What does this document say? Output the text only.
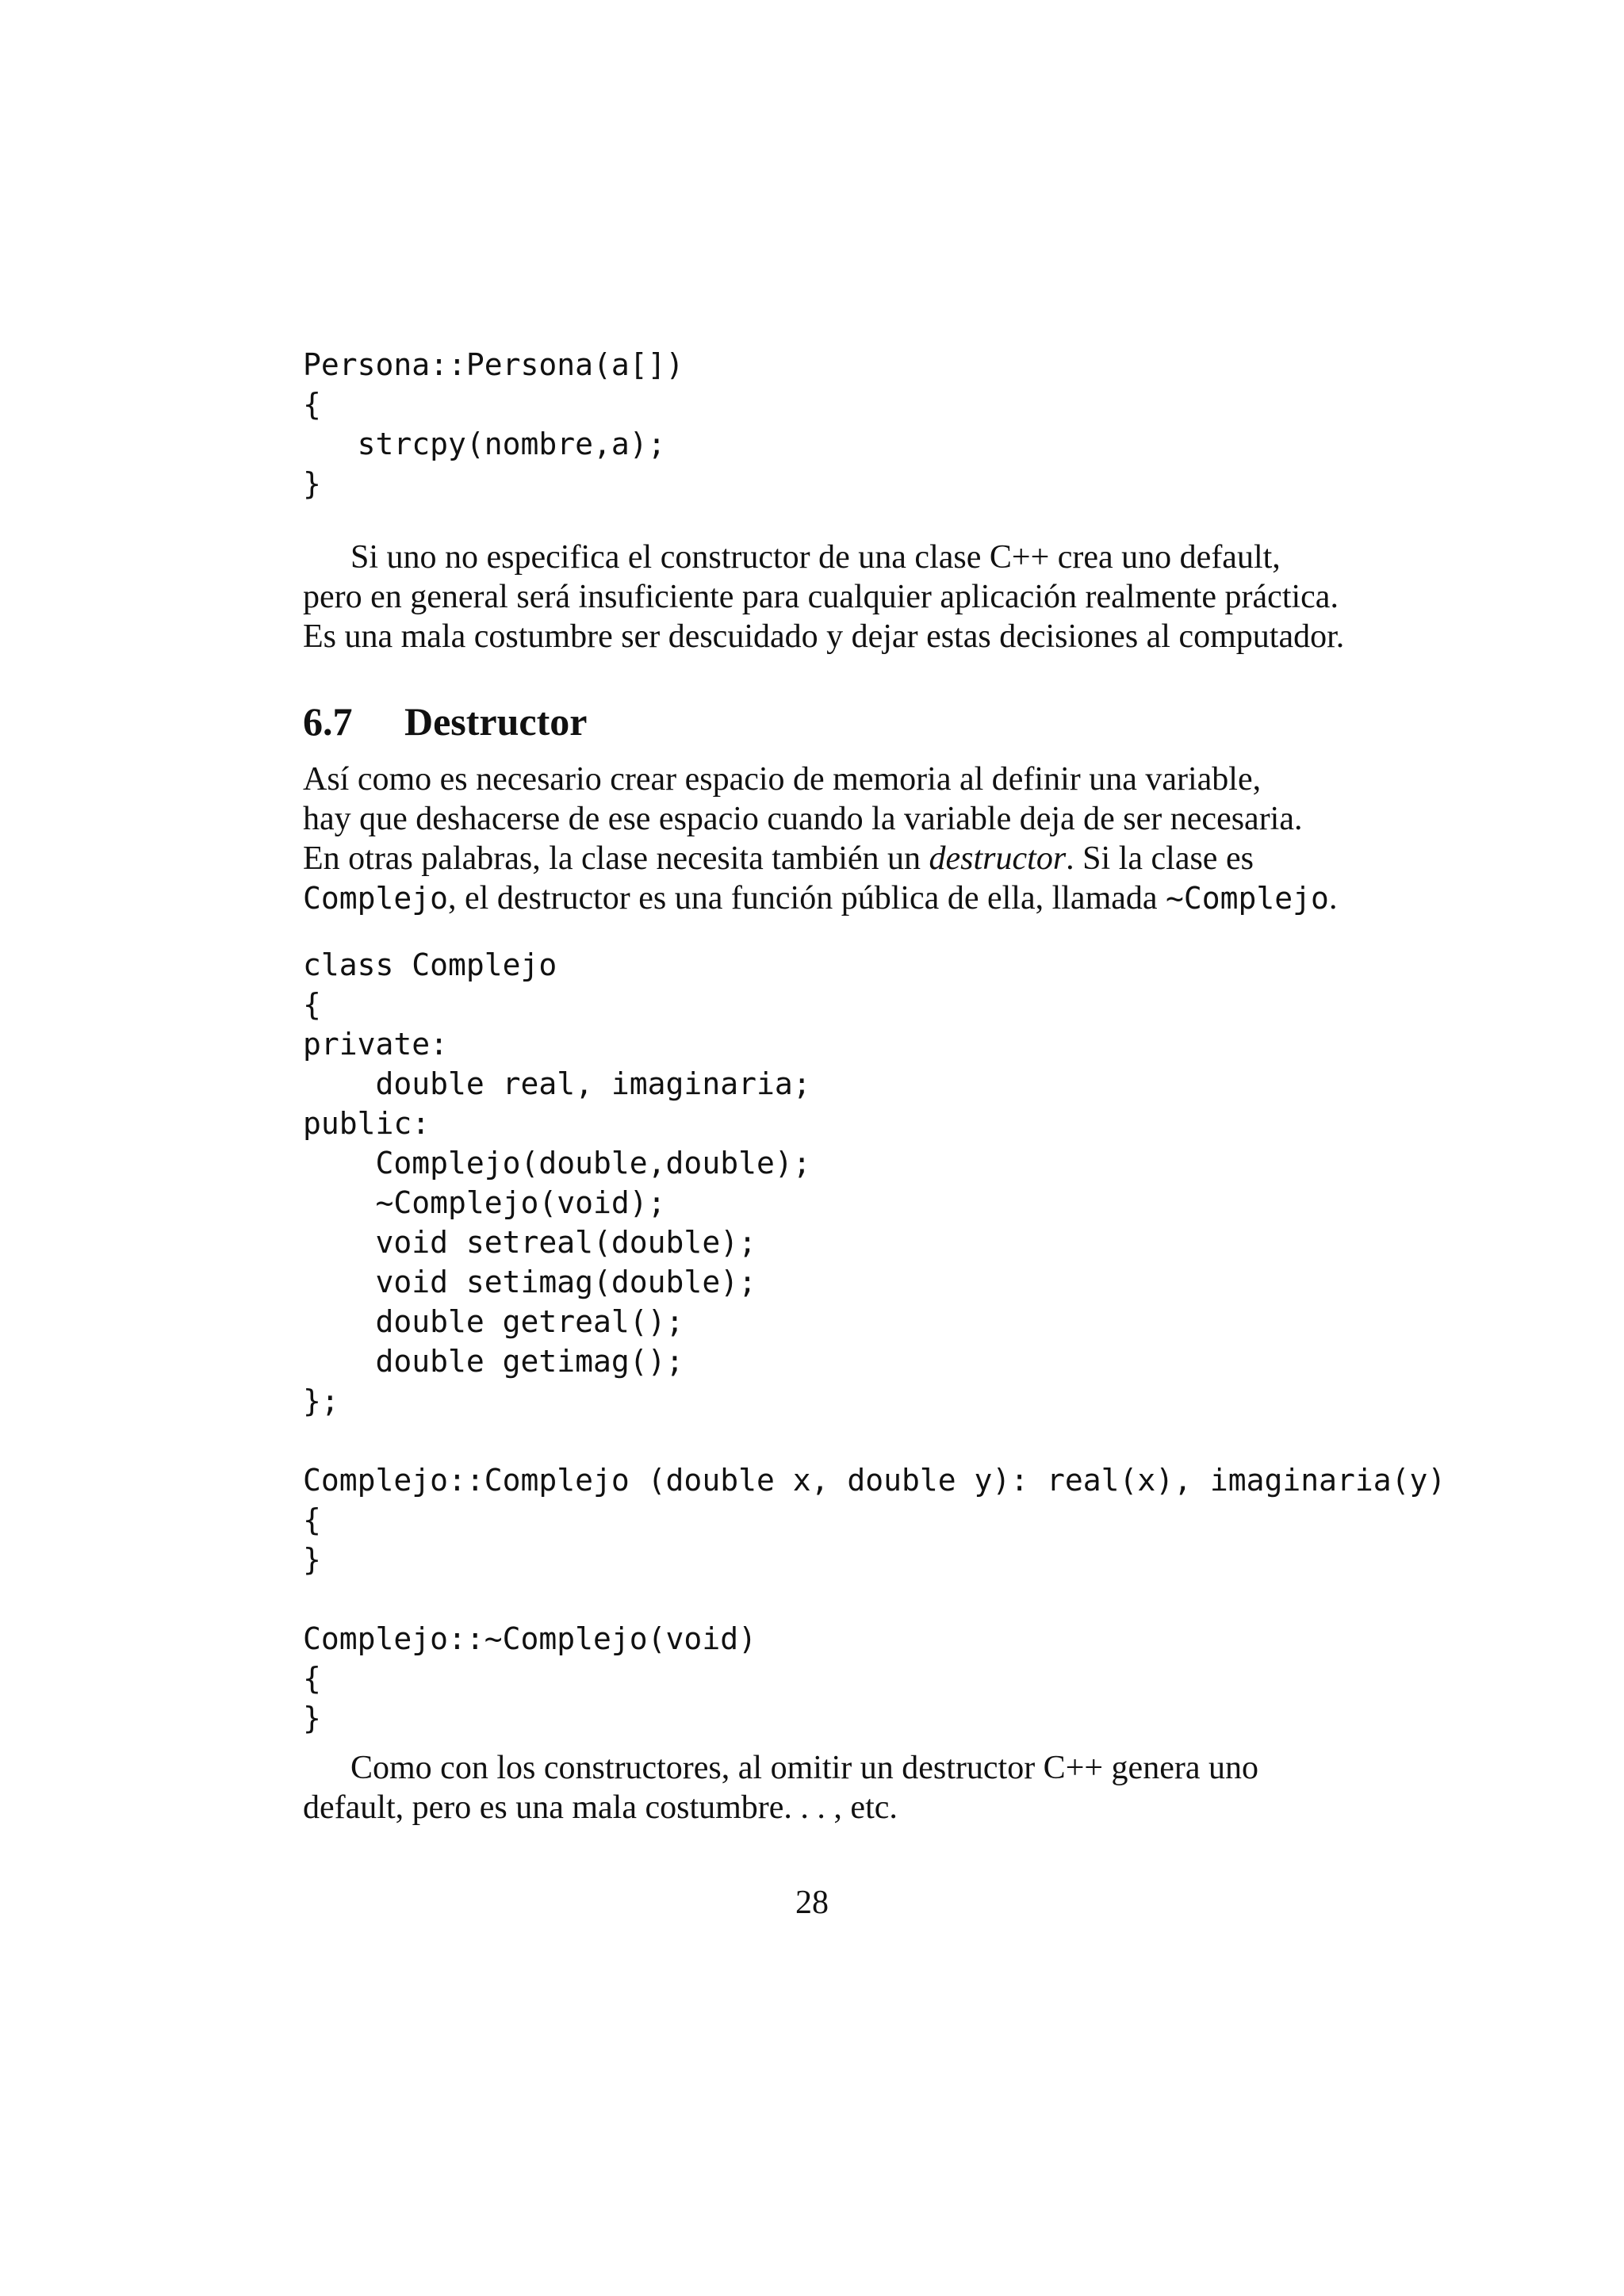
Persona::Persona(a[])
{
strcpy(nombre,a);
}
Si uno no especifica el constructor de una clase C++ crea uno default,
pero en general será insuficiente para cualquier aplicación realmente práctica.
Es una mala costumbre ser descuidado y dejar estas decisiones al computador.
6.7 Destructor
Así como es necesario crear espacio de memoria al definir una variable,
hay que deshacerse de ese espacio cuando la variable deja de ser necesaria.
En otras palabras, la clase necesita también un destructor. Si la clase es
Complejo, el destructor es una función pública de ella, llamada ~Complejo.
class Complejo
{
private:
double real, imaginaria;
public:
Complejo(double,double);
~Complejo(void);
void setreal(double);
void setimag(double);
double getreal();
double getimag();
};

Complejo::Complejo (double x, double y): real(x), imaginaria(y)
{
}

Complejo::~Complejo(void)
{
}
Como con los constructores, al omitir un destructor C++ genera uno
default, pero es una mala costumbre. . . , etc.
28
